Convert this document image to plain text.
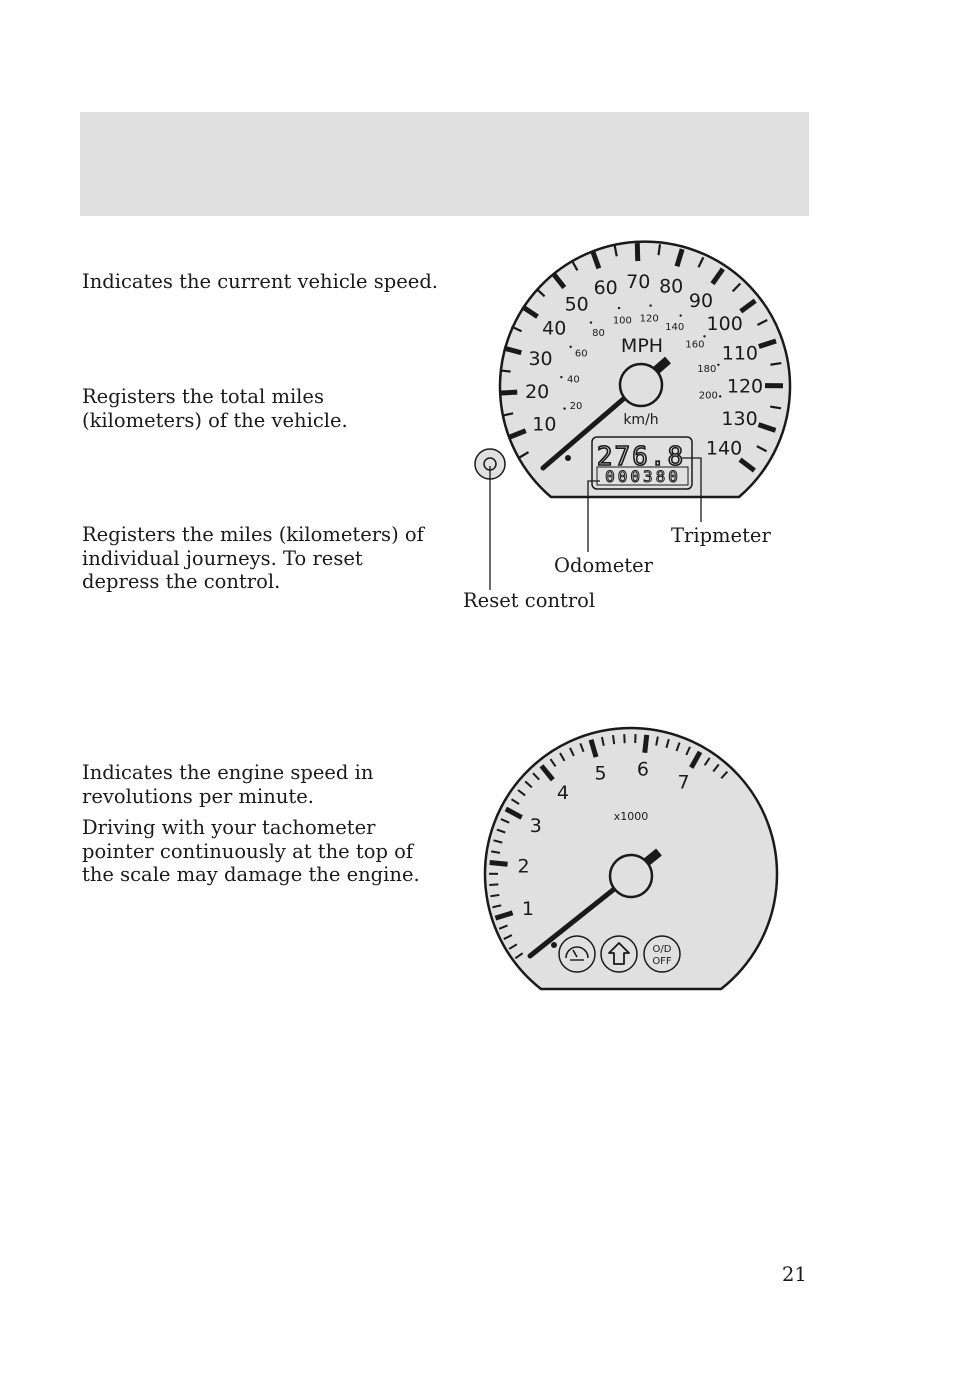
Indicates the current vehicle speed.

Registers the total miles (kilometers) of the vehicle.

Registers the miles (kilometers) of individual journeys. To reset depress the control.

10
20
30
40
50
60 70 80
90
100
110
120
130
140
20
40
60
80
100 120
140
160
180
200
MPH
km/h
276.8
000380
Tripmeter
Odometer
Reset control

Indicates the engine speed in revolutions per minute.

Driving with your tachometer pointer continuously at the top of the scale may damage the engine.

1
2
3
4
5 6
7
x1000
O/D
OFF
21
